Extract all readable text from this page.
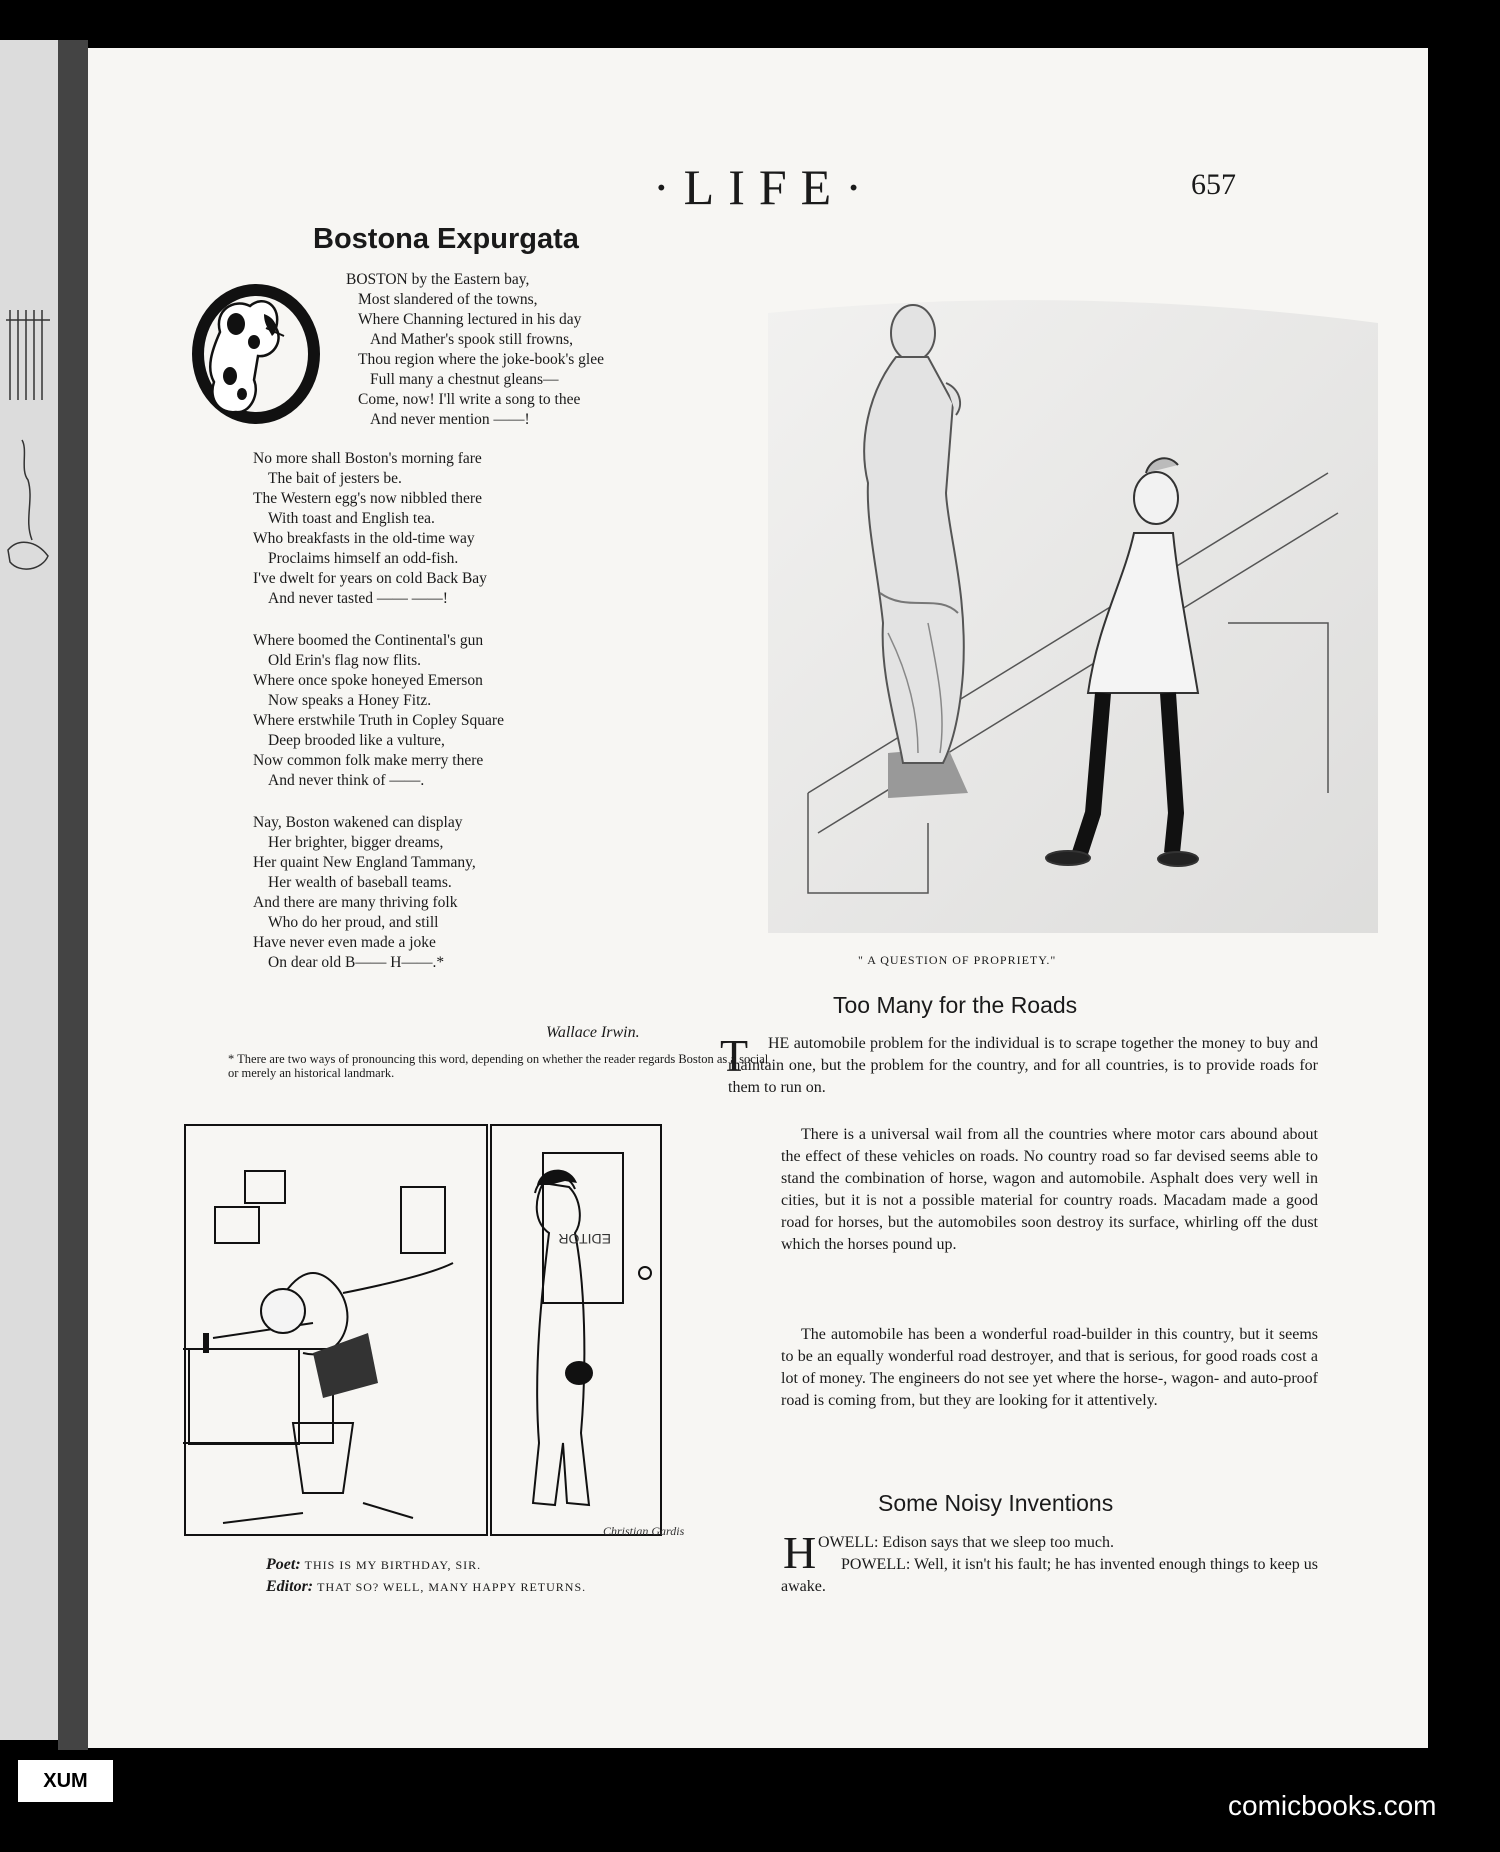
·LIFE·	657
Bostona Expurgata
BOSTON by the Eastern bay,
Most slandered of the towns,
Where Channing lectured in his day
And Mather's spook still frowns,
Thou region where the joke-book's glee
Full many a chestnut gleans—
Come, now! I'll write a song to thee
And never mention ——!
No more shall Boston's morning fare
The bait of jesters be.
The Western egg's now nibbled there
With toast and English tea.
Who breakfasts in the old-time way
Proclaims himself an odd-fish.
I've dwelt for years on cold Back Bay
And never tasted —— ——!
Where boomed the Continental's gun
Old Erin's flag now flits.
Where once spoke honeyed Emerson
Now speaks a Honey Fitz.
Where erstwhile Truth in Copley Square
Deep brooded like a vulture,
Now common folk make merry there
And never think of ——.
Nay, Boston wakened can display
Her brighter, bigger dreams,
Her quaint New England Tammany,
Her wealth of baseball teams.
And there are many thriving folk
Who do her proud, and still
Have never even made a joke
On dear old B—— H——.*
Wallace Irwin.
* There are two ways of pronouncing this word, depending on whether the reader regards Boston as a social or merely an historical landmark.
" A QUESTION OF PROPRIETY."
Too Many for the Roads
T	HE automobile problem for the individual is to scrape together the money to buy and maintain one, but the problem for the country, and for all countries, is to provide roads for them to run on.
There is a universal wail from all the countries where motor cars abound about the effect of these vehicles on roads. No country road so far devised seems able to stand the combination of horse, wagon and automobile. Asphalt does very well in cities, but it is not a possible material for country roads. Macadam made a good road for horses, but the automobiles soon destroy its surface, whirling off the dust which the horses pound up.
The automobile has been a wonderful road-builder in this country, but it seems to be an equally wonderful road destroyer, and that is serious, for good roads cost a lot of money. The engineers do not see yet where the horse-, wagon- and auto-proof road is coming from, but they are looking for it attentively.
Some Noisy Inventions
H OWELL: Edison says that we sleep too much.
POWELL: Well, it isn't his fault; he has invented enough things to keep us awake.
EDITOR
Christian Gardis
Poet: THIS IS MY BIRTHDAY, SIR.
Editor: THAT SO? WELL, MANY HAPPY RETURNS.
XUM
comicbooks.com
